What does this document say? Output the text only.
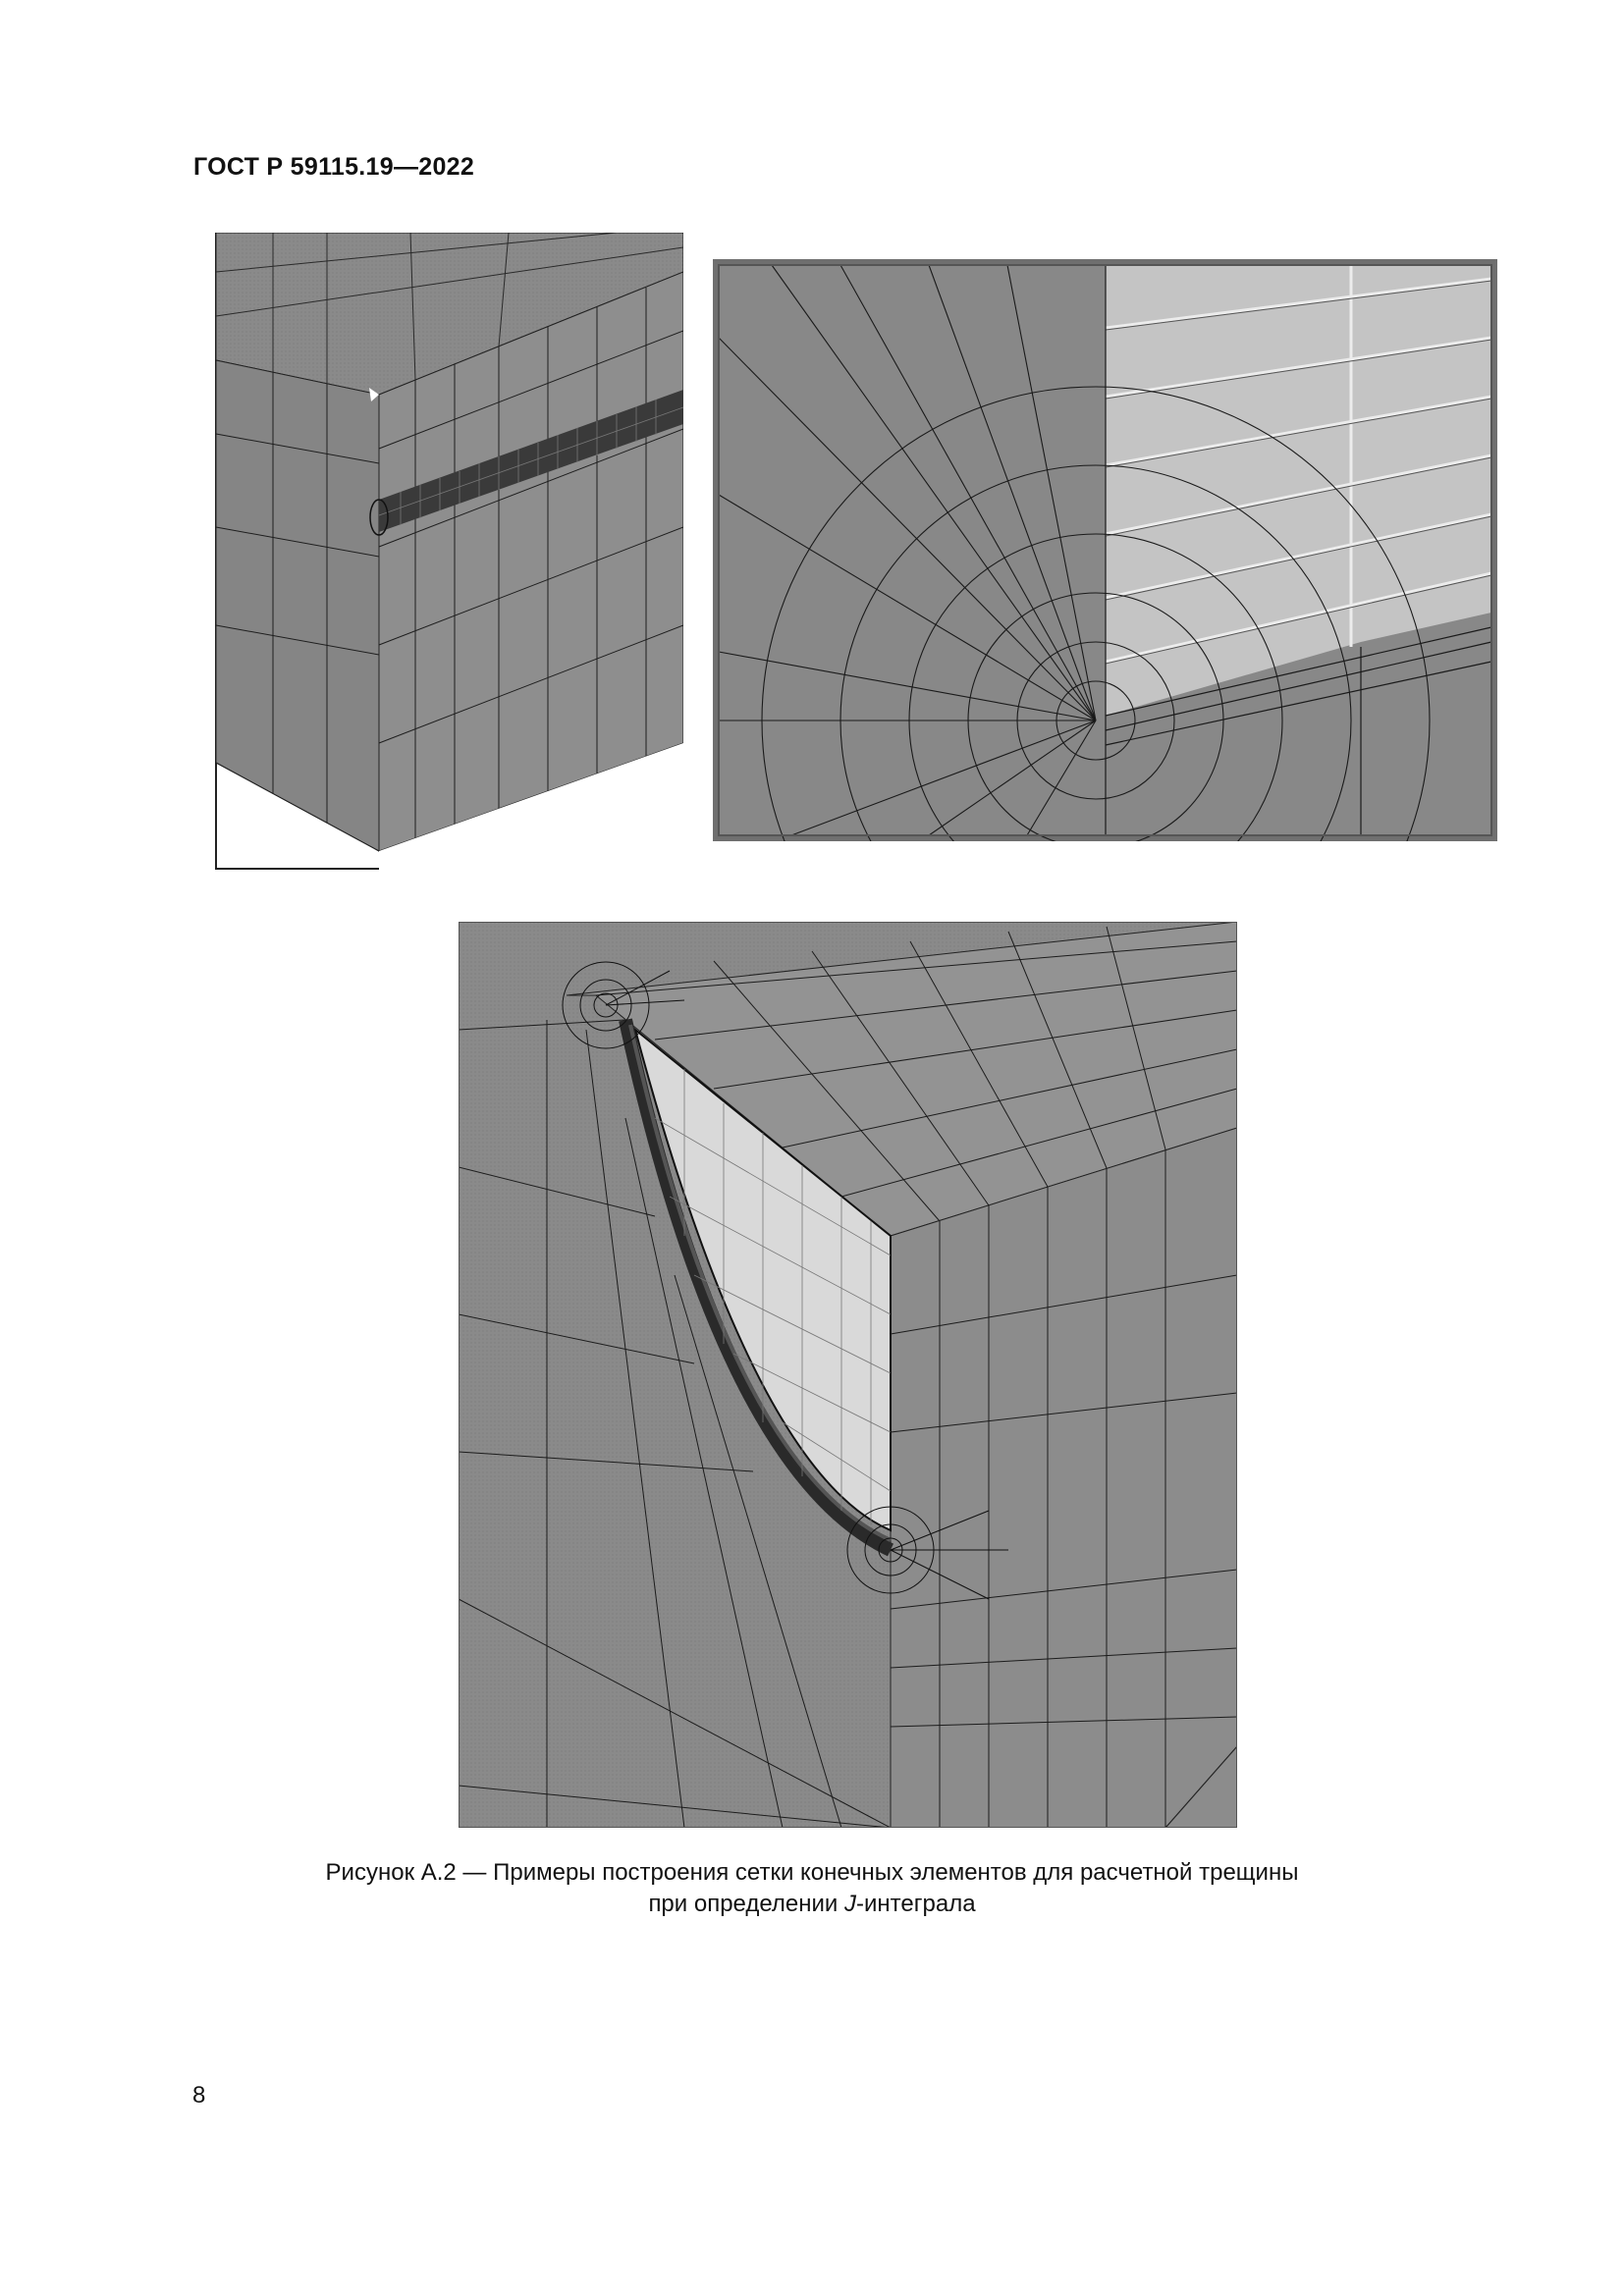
ГОСТ Р 59115.19—2022
Рисунок А.2 — Примеры построения сетки конечных элементов для расчетной трещины
при определении J-интеграла
8
